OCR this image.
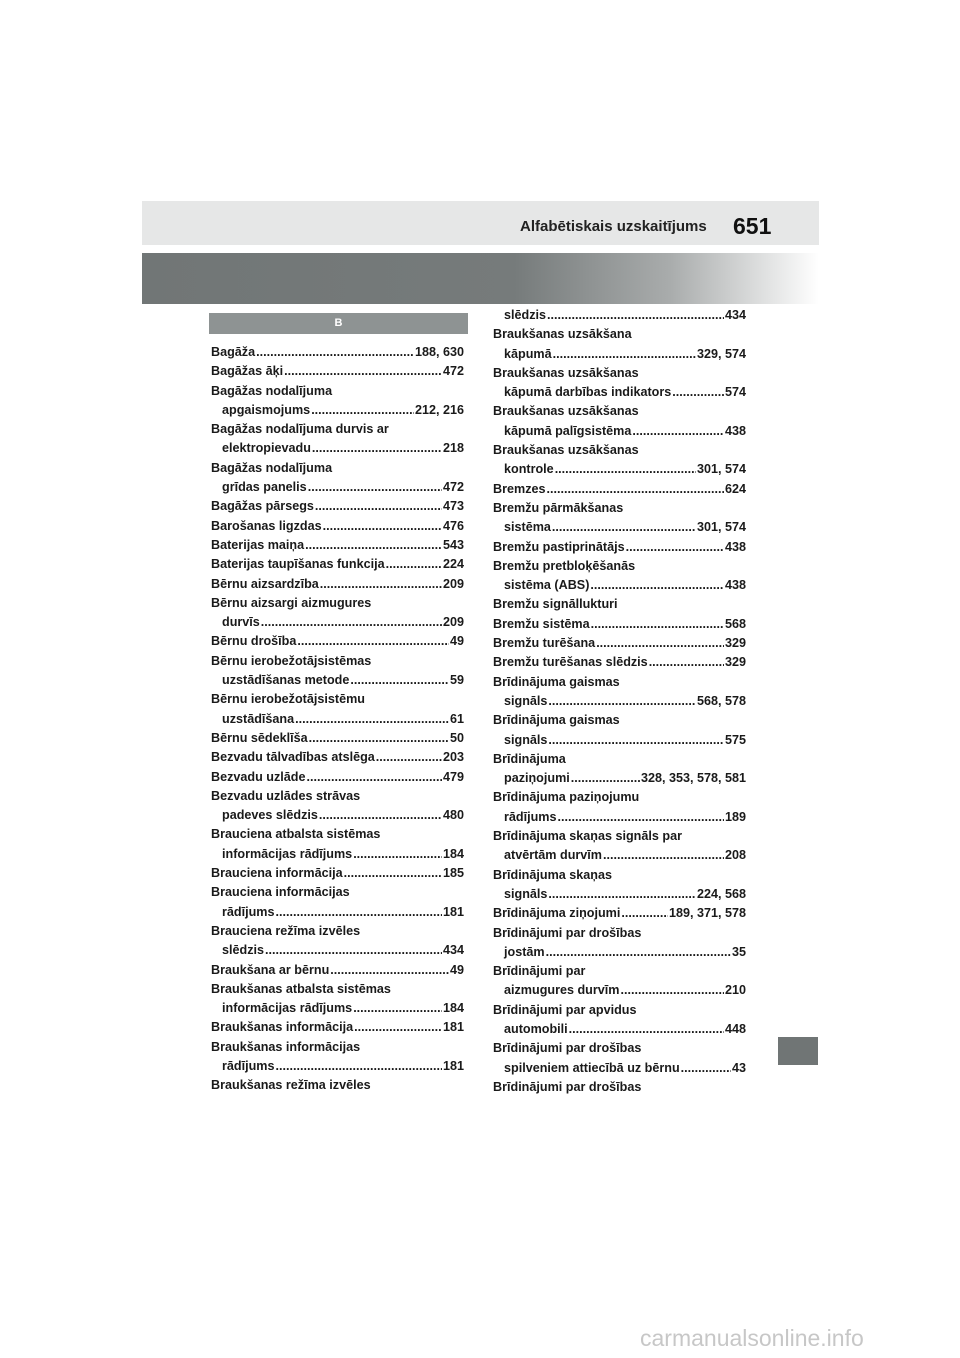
Alfabētiskais uzskaitījums 651
B
Bagāža .....	188, 630
Bagāžas āķi .....	472
Bagāžas nodalījuma
apgaismojums .....	212, 216
Bagāžas nodalījuma durvis ar
elektropievadu .....	218
Bagāžas nodalījuma
grīdas panelis .....	472
Bagāžas pārsegs .....	473
Barošanas ligzdas .....	476
Baterijas maiņa .....	543
Baterijas taupīšanas funkcija .....	224
Bērnu aizsardzība .....	209
Bērnu aizsargi aizmugures
durvīs .....	209
Bērnu drošība .....	49
Bērnu ierobežotājsistēmas
uzstādīšanas metode .....	59
Bērnu ierobežotājsistēmu
uzstādīšana .....	61
Bērnu sēdeklīša .....	50
Bezvadu tālvadības atslēga .....	203
Bezvadu uzlāde .....	479
Bezvadu uzlādes strāvas
padeves slēdzis .....	480
Brauciena atbalsta sistēmas
informācijas rādījums .....	184
Brauciena informācija .....	185
Brauciena informācijas
rādījums .....	181
Brauciena režīma izvēles
slēdzis .....	434
Braukšana ar bērnu .....	49
Braukšanas atbalsta sistēmas
informācijas rādījums .....	184
Braukšanas informācija .....	181
Braukšanas informācijas
rādījums .....	181
Braukšanas režīma izvēles
slēdzis .....	434
Braukšanas uzsākšana
kāpumā .....	329, 574
Braukšanas uzsākšanas
kāpumā darbības indikators .....	574
Braukšanas uzsākšanas
kāpumā palīgsistēma .....	438
Braukšanas uzsākšanas
kontrole .....	301, 574
Bremzes .....	624
Bremžu pārmākšanas
sistēma .....	301, 574
Bremžu pastiprinātājs .....	438
Bremžu pretbloķēšanās
sistēma (ABS) .....	438
Bremžu signāllukturi
Bremžu sistēma .....	568
Bremžu turēšana .....	329
Bremžu turēšanas slēdzis .....	329
Brīdinājuma gaismas
signāls .....	568, 578
Brīdinājuma gaismas
signāls .....	575
Brīdinājuma
paziņojumi .....	328, 353, 578, 581
Brīdinājuma paziņojumu
rādījums .....	189
Brīdinājuma skaņas signāls par
atvērtām durvīm .....	208
Brīdinājuma skaņas
signāls .....	224, 568
Brīdinājuma ziņojumi .....	189, 371, 578
Brīdinājumi par drošības
jostām .....	35
Brīdinājumi par
aizmugures durvīm .....	210
Brīdinājumi par apvidus
automobili .....	448
Brīdinājumi par drošības
spilveniem attiecībā uz bērnu .....	43
Brīdinājumi par drošības
carmanualsonline.info
